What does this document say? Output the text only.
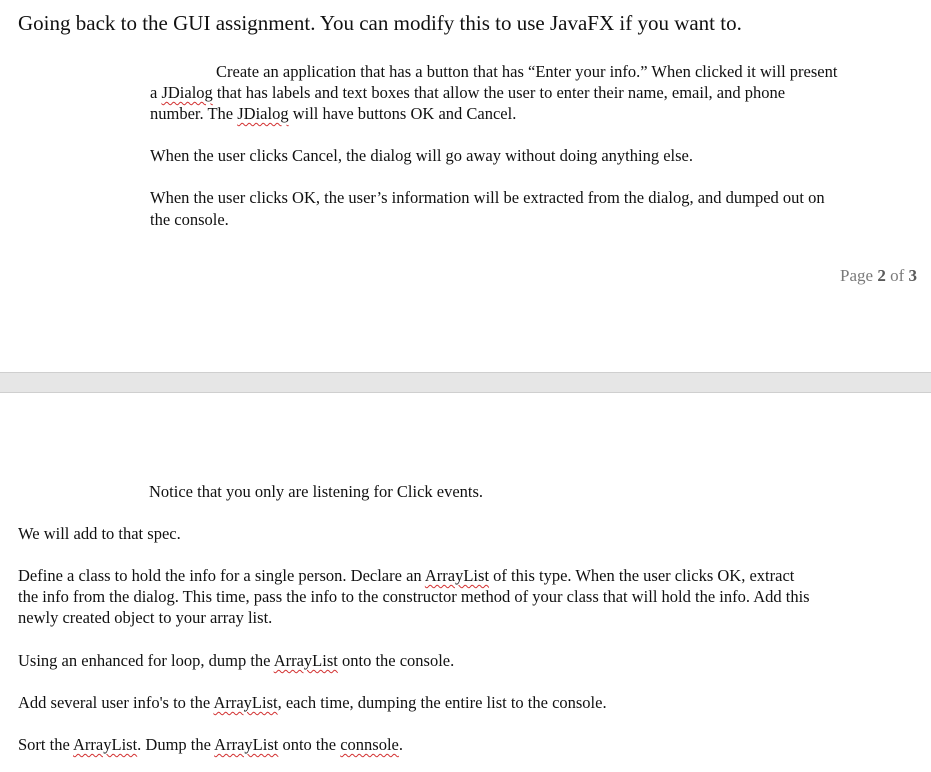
Going back to the GUI assignment. You can modify this to use JavaFX if you want to.

Create an application that has a button that has “Enter your info.” When clicked it will present

a JDialog that has labels and text boxes that allow the user to enter their name, email, and phone

number. The JDialog will have buttons OK and Cancel.

When the user clicks Cancel, the dialog will go away without doing anything else.

When the user clicks OK, the user’s information will be extracted from the dialog, and dumped out on

the console.

Page 2 of 3

Notice that you only are listening for Click events.

We will add to that spec.

Define a class to hold the info for a single person. Declare an ArrayList of this type. When the user clicks OK, extract

the info from the dialog. This time, pass the info to the constructor method of your class that will hold the info. Add this

newly created object to your array list.

Using an enhanced for loop, dump the ArrayList onto the console.

Add several user info's to the ArrayList, each time, dumping the entire list to the console.

Sort the ArrayList. Dump the ArrayList onto the connsole.
